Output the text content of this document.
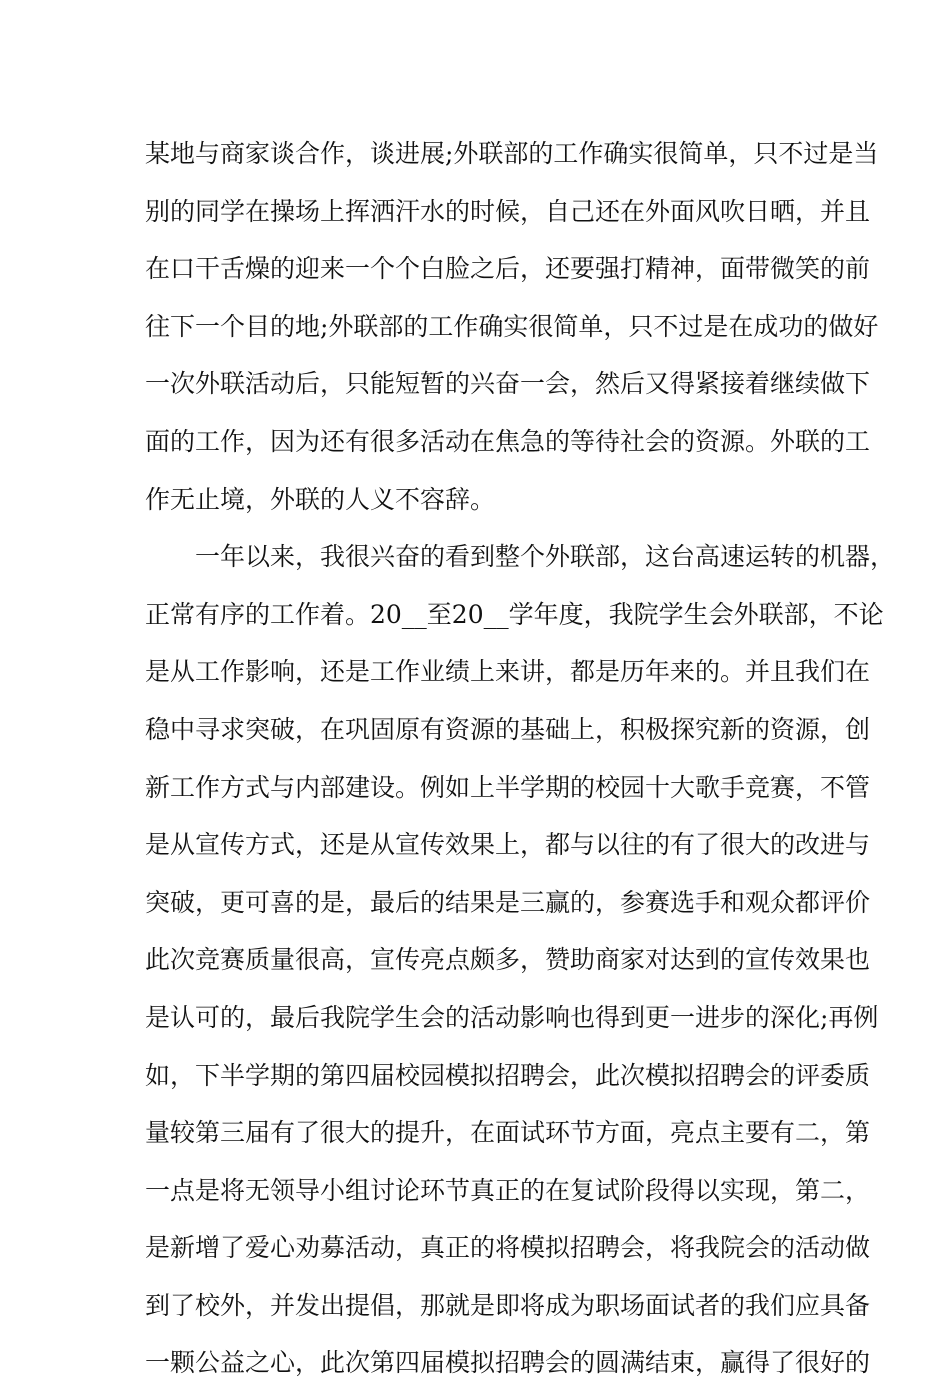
某地与商家谈合作，谈进展;外联部的工作确实很简单，只不过是当
别的同学在操场上挥洒汗水的时候，自己还在外面风吹日晒，并且
在口干舌燥的迎来一个个白脸之后，还要强打精神，面带微笑的前
往下一个目的地;外联部的工作确实很简单，只不过是在成功的做好
一次外联活动后，只能短暂的兴奋一会，然后又得紧接着继续做下
面的工作，因为还有很多活动在焦急的等待社会的资源。外联的工
作无止境，外联的人义不容辞。
一年以来，我很兴奋的看到整个外联部，这台高速运转的机器，
正常有序的工作着。20__至20__学年度，我院学生会外联部，不论
是从工作影响，还是工作业绩上来讲，都是历年来的。并且我们在
稳中寻求突破，在巩固原有资源的基础上，积极探究新的资源，创
新工作方式与内部建设。例如上半学期的校园十大歌手竞赛，不管
是从宣传方式，还是从宣传效果上，都与以往的有了很大的改进与
突破，更可喜的是，最后的结果是三赢的，参赛选手和观众都评价
此次竞赛质量很高，宣传亮点颇多，赞助商家对达到的宣传效果也
是认可的，最后我院学生会的活动影响也得到更一进步的深化;再例
如，下半学期的第四届校园模拟招聘会，此次模拟招聘会的评委质
量较第三届有了很大的提升，在面试环节方面，亮点主要有二，第
一点是将无领导小组讨论环节真正的在复试阶段得以实现，第二，
是新增了爱心劝募活动，真正的将模拟招聘会，将我院会的活动做
到了校外，并发出提倡，那就是即将成为职场面试者的我们应具备
一颗公益之心，此次第四届模拟招聘会的圆满结束，赢得了很好的
